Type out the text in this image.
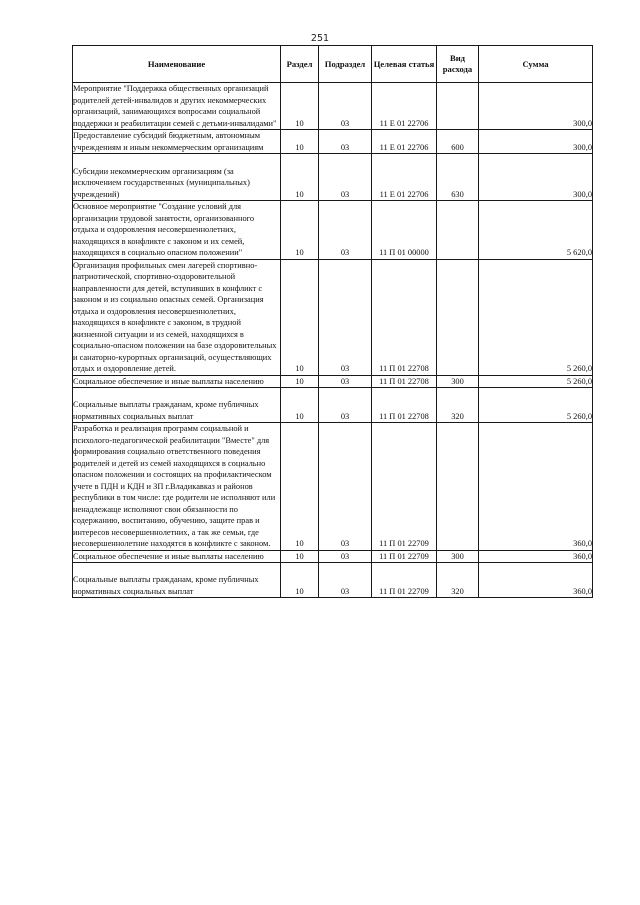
251
Наименование	Раздел	Подраздел	Целевая статья	Вид расхода	Сумма
Мероприятие "Поддержка общественных организаций родителей детей-инвалидов и других некоммерческих организаций, занимающихся вопросами социальной поддержки и реабилитации семей с детьми-инвалидами"	10	03	11 Е 01 22706		300,0
Предоставление субсидий бюджетным, автономным учреждениям и иным некоммерческим организациям	10	03	11 Е 01 22706	600	300,0
Субсидии некоммерческим организациям (за исключением государственных (муниципальных) учреждений)	10	03	11 Е 01 22706	630	300,0
Основное мероприятие "Создание условий для организации трудовой занятости, организованного отдыха и оздоровления несовершеннолетних, находящихся в конфликте с законом и их семей, находящихся в социально опасном положении"	10	03	11 П 01 00000		5 620,0
Организация профильных смен лагерей спортивно-патриотической, спортивно-оздоровительной направленности для детей, вступивших в конфликт с законом и из социально опасных семей. Организация отдыха и оздоровления несовершеннолетних, находящихся в конфликте с законом, в трудной жизненной ситуации и из семей, находящихся в социально-опасном положении на базе оздоровительных и санаторно-курортных организаций, осуществляющих отдых и оздоровление детей.	10	03	11 П 01 22708		5 260,0
Социальное обеспечение и иные выплаты населению	10	03	11 П 01 22708	300	5 260,0
Социальные выплаты гражданам, кроме публичных нормативных социальных выплат	10	03	11 П 01 22708	320	5 260,0
Разработка и реализация программ социальной и психолого-педагогической реабилитации "Вместе" для формирования социально ответственного поведения родителей и детей из семей находящихся в социально опасном положении и состоящих на профилактическом учете в ПДН и КДН и ЗП г.Владикавказ и районов республики в том числе: где родители не исполняют или ненадлежаще исполняют свои обязанности по содержанию, воспитанию, обучению, защите прав и интересов несовершеннолетних, а так же семьи, где несовершеннолетние находятся в конфликте с законом.	10	03	11 П 01 22709		360,0
Социальное обеспечение и иные выплаты населению	10	03	11 П 01 22709	300	360,0
Социальные выплаты гражданам, кроме публичных нормативных социальных выплат	10	03	11 П 01 22709	320	360,0
